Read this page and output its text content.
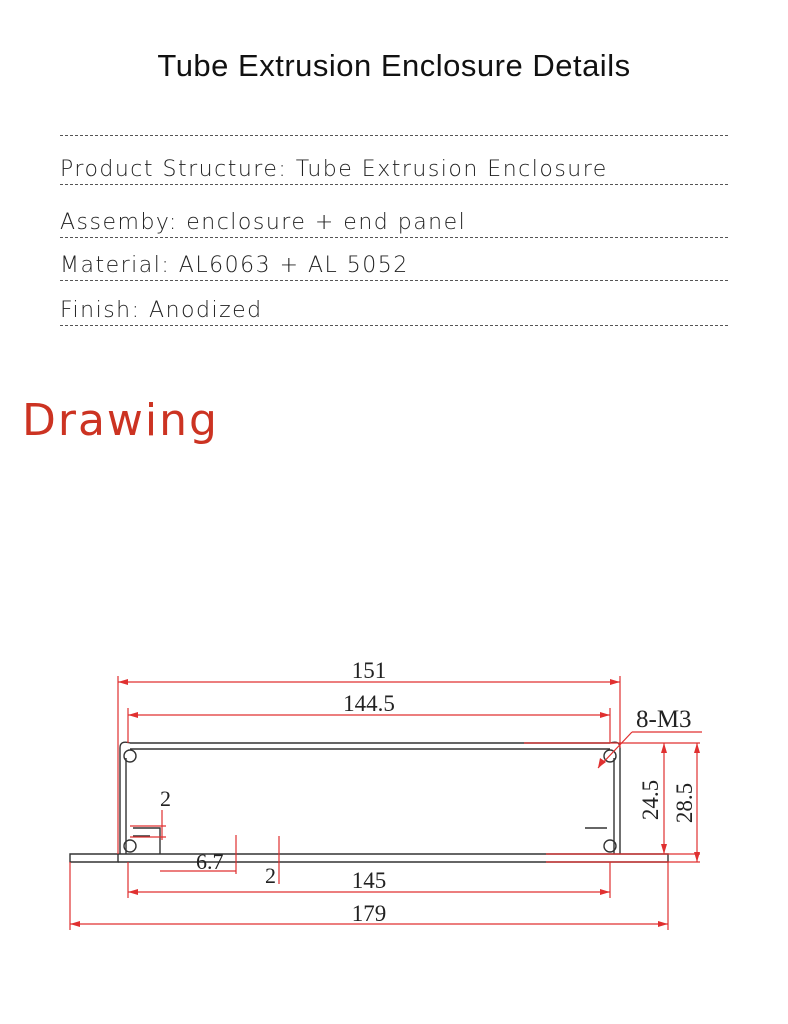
Tube Extrusion Enclosure Details
Product Structure: Tube Extrusion Enclosure
Assemby: enclosure + end panel
Material: AL6063 + AL 5052
Finish: Anodized
Drawing
151
144.5
8-M3
2
6.7
2	145
179
24.5 28.5
